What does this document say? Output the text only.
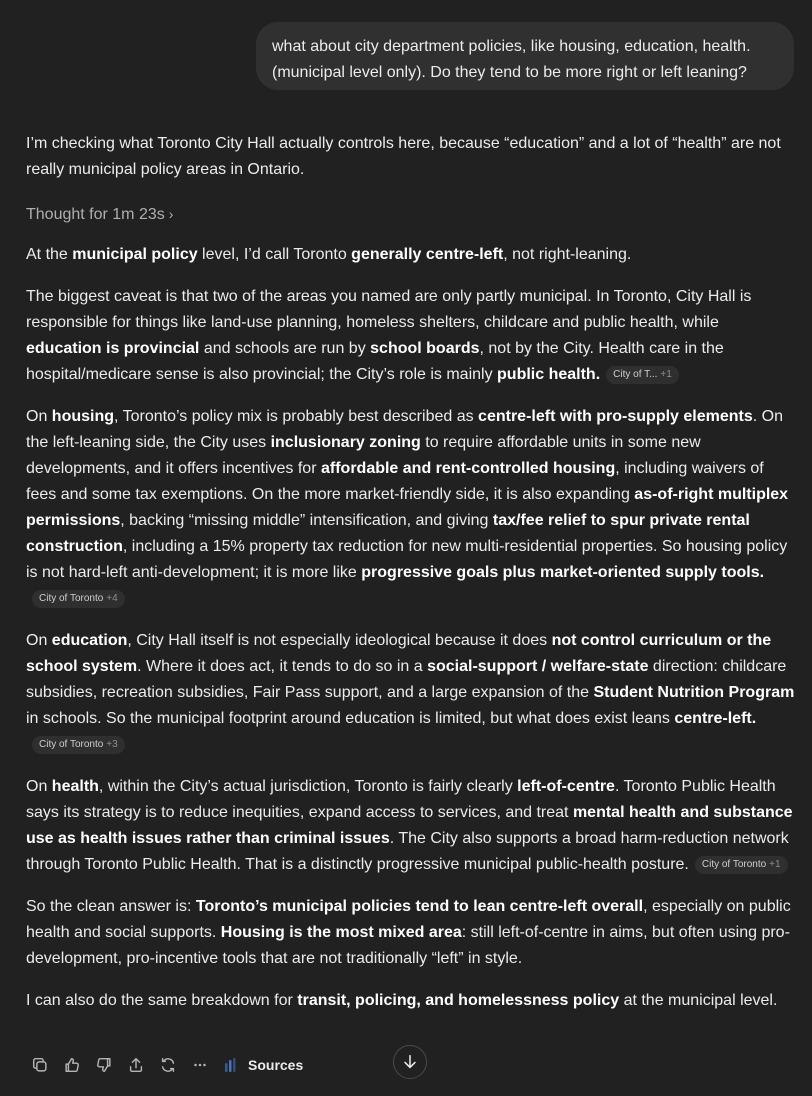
what about city department policies, like housing, education, health.
(municipal level only). Do they tend to be more right or left leaning?
I’m checking what Toronto City Hall actually controls here, because “education” and a lot of “health” are not really municipal policy areas in Ontario.
Thought for 1m 23s ›

At the municipal policy level, I’d call Toronto generally centre-left, not right-leaning.

The biggest caveat is that two of the areas you named are only partly municipal. In Toronto, City Hall is responsible for things like land-use planning, homeless shelters, childcare and public health, while education is provincial and schools are run by school boards, not by the City. Health care in the hospital/medicare sense is also provincial; the City’s role is mainly public health. City of T... +1

On housing, Toronto’s policy mix is probably best described as centre-left with pro-supply elements. On the left-leaning side, the City uses inclusionary zoning to require affordable units in some new developments, and it offers incentives for affordable and rent-controlled housing, including waivers of fees and some tax exemptions. On the more market-friendly side, it is also expanding as-of-right multiplex permissions, backing “missing middle” intensification, and giving tax/fee relief to spur private rental construction, including a 15% property tax reduction for new multi-residential properties. So housing policy is not hard-left anti-development; it is more like progressive goals plus market-oriented supply tools.City of Toronto +4

On education, City Hall itself is not especially ideological because it does not control curriculum or the school system. Where it does act, it tends to do so in a social-support / welfare-state direction: childcare subsidies, recreation subsidies, Fair Pass support, and a large expansion of the Student Nutrition Program in schools. So the municipal footprint around education is limited, but what does exist leans centre-left.City of Toronto +3

On health, within the City’s actual jurisdiction, Toronto is fairly clearly left-of-centre. Toronto Public Health says its strategy is to reduce inequities, expand access to services, and treat mental health and substance use as health issues rather than criminal issues. The City also supports a broad harm-reduction network through Toronto Public Health. That is a distinctly progressive municipal public-health posture. City of Toronto +1

So the clean answer is: Toronto’s municipal policies tend to lean centre-left overall, especially on public health and social supports. Housing is the most mixed area: still left-of-centre in aims, but often using pro-development, pro-incentive tools that are not traditionally “left” in style.

I can also do the same breakdown for transit, policing, and homelessness policy at the municipal level.

Sources
